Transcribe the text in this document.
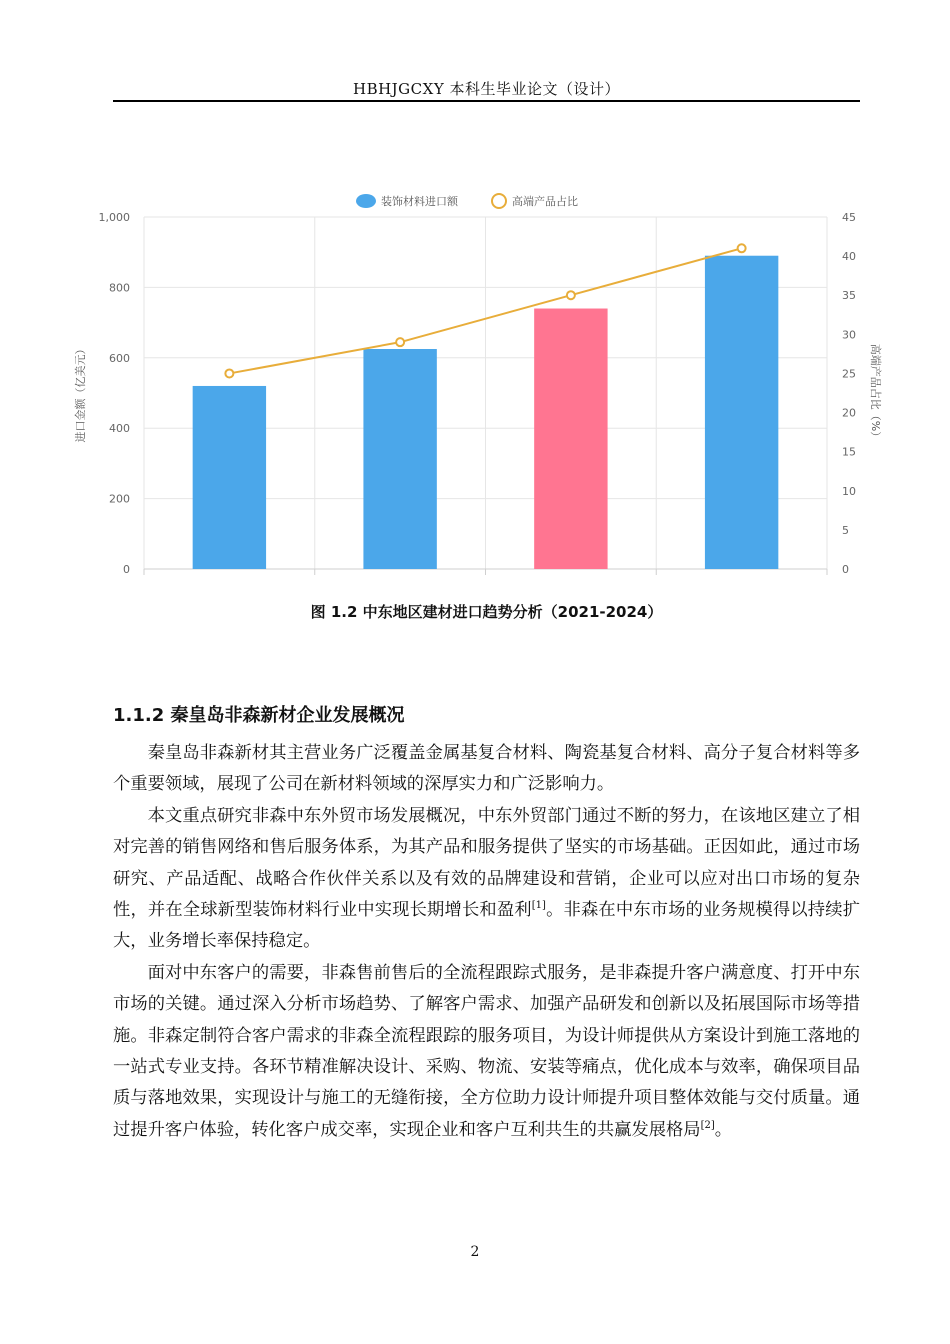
HBHJGCXY 本科生毕业论文（设计）
0
200
400
600
800
1,000
0
5
10
15
20
25
30
35
40
45
进口金额（亿美元）	高端产品占比（%）
装饰材料进口额	高端产品占比
图 1.2 中东地区建材进口趋势分析（2021-2024）
1.1.2 秦皇岛非森新材企业发展概况

秦皇岛非森新材其主营业务广泛覆盖金属基复合材料、陶瓷基复合材料、高分子复合材料等多个重要领域，展现了公司在新材料领域的深厚实力和广泛影响力。

本文重点研究非森中东外贸市场发展概况，中东外贸部门通过不断的努力，在该地区建立了相对完善的销售网络和售后服务体系，为其产品和服务提供了坚实的市场基础。正因如此，通过市场研究、产品适配、战略合作伙伴关系以及有效的品牌建设和营销，企业可以应对出口市场的复杂性，并在全球新型装饰材料行业中实现长期增长和盈利[1]。非森在中东市场的业务规模得以持续扩大，业务增长率保持稳定。

面对中东客户的需要，非森售前售后的全流程跟踪式服务，是非森提升客户满意度、打开中东市场的关键。通过深入分析市场趋势、了解客户需求、加强产品研发和创新以及拓展国际市场等措施。非森定制符合客户需求的非森全流程跟踪的服务项目，为设计师提供从方案设计到施工落地的一站式专业支持。各环节精准解决设计、采购、物流、安装等痛点，优化成本与效率，确保项目品质与落地效果，实现设计与施工的无缝衔接，全方位助力设计师提升项目整体效能与交付质量。通过提升客户体验，转化客户成交率，实现企业和客户互利共生的共赢发展格局[2]。

2
